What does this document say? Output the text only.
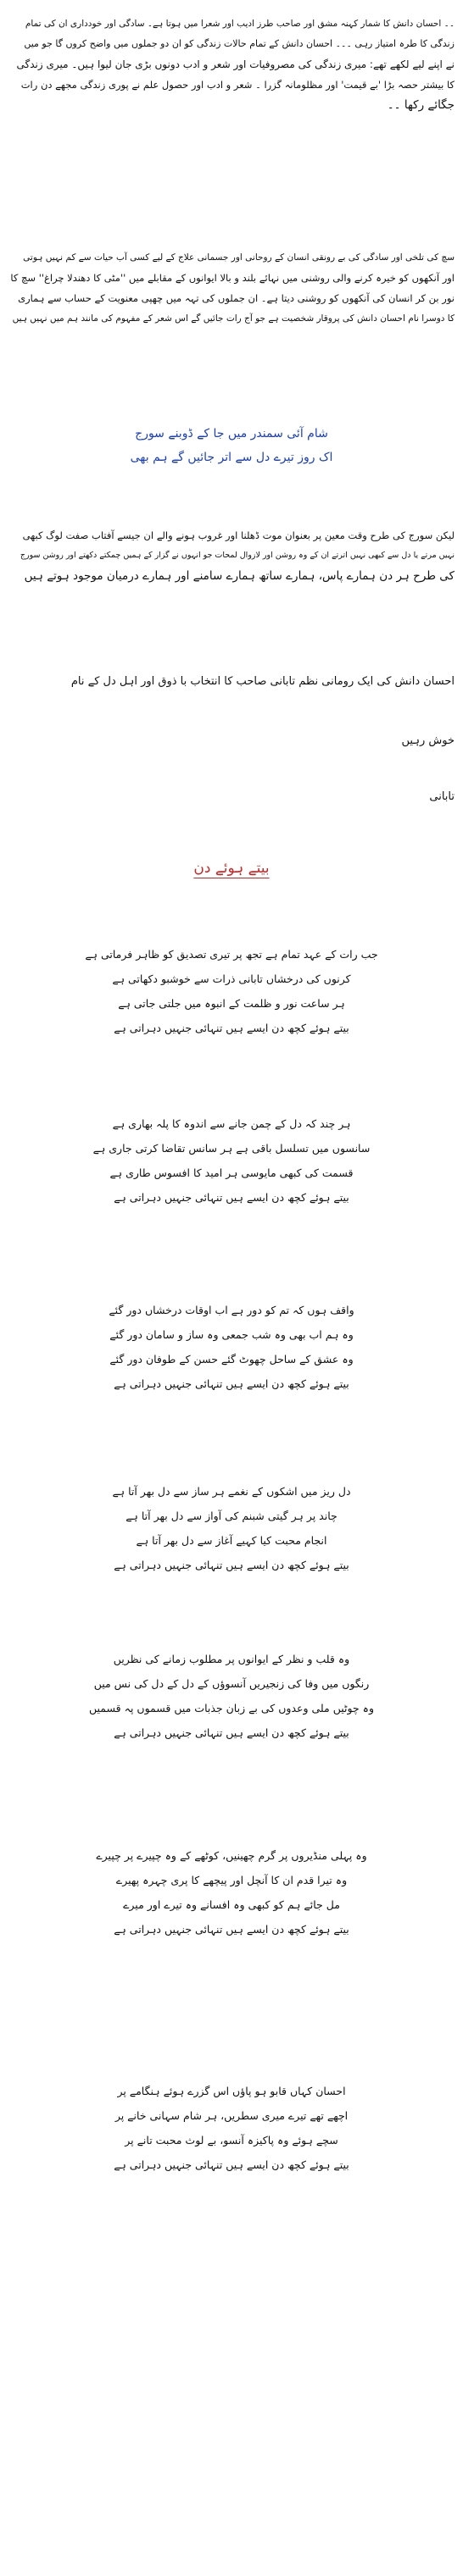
۔۔ احسان دانش کا شمار کہنہ مشق اور صاحب طرز ادیب اور شعرا میں ہوتا ہے۔ سادگی اور خودداری ان کی تمام

زندگی کا طرہ امتیاز رہی ۔۔۔ احسان دانش کے تمام حالات زندگی کو ان دو جملوں میں واضح کروں گا جو میں

نے اپنے لیے لکھے تھے: میری زندگی کی مصروفیات اور شعر و ادب دونوں بڑی جان لیوا ہیں۔ میری زندگی

کا بیشتر حصہ بڑا 'بے قیمت' اور مظلومانہ گزرا ۔ شعر و ادب اور حصول علم نے پوری زندگی مجھے دن رات

جگائے رکھا ۔۔

سچ کی تلخی اور سادگی کی بے رونقی انسان کے روحانی اور جسمانی علاج کے لیے کسی آب حیات سے کم نہیں ہوتی

اور آنکھوں کو خیرہ کرنے والی روشنی میں نہائے بلند و بالا ایوانوں کے مقابلے میں ''مٹی کا دھندلا چراغ'' سچ کا

نور بن کر انسان کی آنکھوں کو روشنی دیتا ہے۔ ان جملوں کی تہہ میں چھپی معنویت کے حساب سے ہماری

کا دوسرا نام احسان دانش کی پروقار شخصیت ہے جو آج رات جائیں گے اس شعر کے مفہوم کی مانند ہم میں نہیں ہیں

شام آئی سمندر میں جا کے ڈوبنے سورج
اک روز تیرے دل سے اتر جائیں گے ہم بھی

لیکن سورج کی طرح وقت معین پر بعنوان موت ڈھلنا اور غروب ہونے والے ان جیسے آفتاب صفت لوگ کبھی

نہیں مرتے یا دل سے کبھی نہیں اترتے ان کے وہ روشن اور لازوال لمحات جو انہوں نے گزار کے ہمیں چمکتے دکھتے اور روشن سورج

کی طرح ہر دن ہمارے پاس، ہمارے ساتھ ہمارے سامنے اور ہمارے درمیان موجود ہوتے ہیں

احسان دانش کی ایک رومانی نظم تابانی صاحب کا انتخاب با ذوق اور اہل دل کے نام
خوش رہیں
تابانی
بیتے ہوئے دن
جب رات کے عہد تمام ہے تجھ پر تیری تصدیق کو ظاہر فرماتی ہے
کرنوں کی درخشاں تابانی ذرات سے خوشبو دکھاتی ہے
ہر ساعت نور و ظلمت کے انبوہ میں جلتی جاتی ہے
بیتے ہوئے کچھ دن ایسے ہیں تنہائی جنہیں دہراتی ہے
ہر چند کہ دل کے چمن جانے سے اندوہ کا پلہ بھاری ہے
سانسوں میں تسلسل باقی ہے ہر سانس تقاضا کرتی جاری ہے
قسمت کی کبھی مایوسی ہر امید کا افسوس طاری ہے
بیتے ہوئے کچھ دن ایسے ہیں تنہائی جنہیں دہراتی ہے
واقف ہوں کہ تم کو دور ہے اب اوقات درخشاں دور گئے
وہ ہم اب بھی وہ شب جمعی وہ ساز و سامان دور گئے
وہ عشق کے ساحل چھوٹ گئے حسن کے طوفان دور گئے
بیتے ہوئے کچھ دن ایسے ہیں تنہائی جنہیں دہراتی ہے
دل ریز میں اشکوں کے نغمے ہر ساز سے دل بھر آتا ہے
چاند پر ہر گیتی شبنم کی آواز سے دل بھر آتا ہے
انجام محبت کیا کہیے آغاز سے دل بھر آتا ہے
بیتے ہوئے کچھ دن ایسے ہیں تنہائی جنہیں دہراتی ہے
وہ قلب و نظر کے ایوانوں پر مطلوب زمانے کی نظریں
رنگوں میں وفا کی زنجیریں آنسوؤں کے دل کے دل کی نس میں
وہ چوٹیں ملی وعدوں کی بے زبان جذبات میں قسموں پہ قسمیں
بیتے ہوئے کچھ دن ایسے ہیں تنہائی جنہیں دہراتی ہے
وہ پہلی منڈیروں پر گرم چھینیں، کوٹھے کے وہ چپیرے پر چپیرے
وہ تیرا قدم ان کا آنچل اور پیچھے کا پری چہرہ پھیرے
مل جائے ہم کو کبھی وہ افسانے وہ تیرے اور میرے
بیتے ہوئے کچھ دن ایسے ہیں تنہائی جنہیں دہراتی ہے
احسان کہاں قابو ہو پاؤں اس گزرے ہوئے ہنگامے پر
اچھے تھے تیرے میری سطریں، ہر شام سہانی خانے پر
سچے ہوئے وہ پاکیزہ آنسو، بے لوث محبت تانے پر
بیتے ہوئے کچھ دن ایسے ہیں تنہائی جنہیں دہراتی ہے
